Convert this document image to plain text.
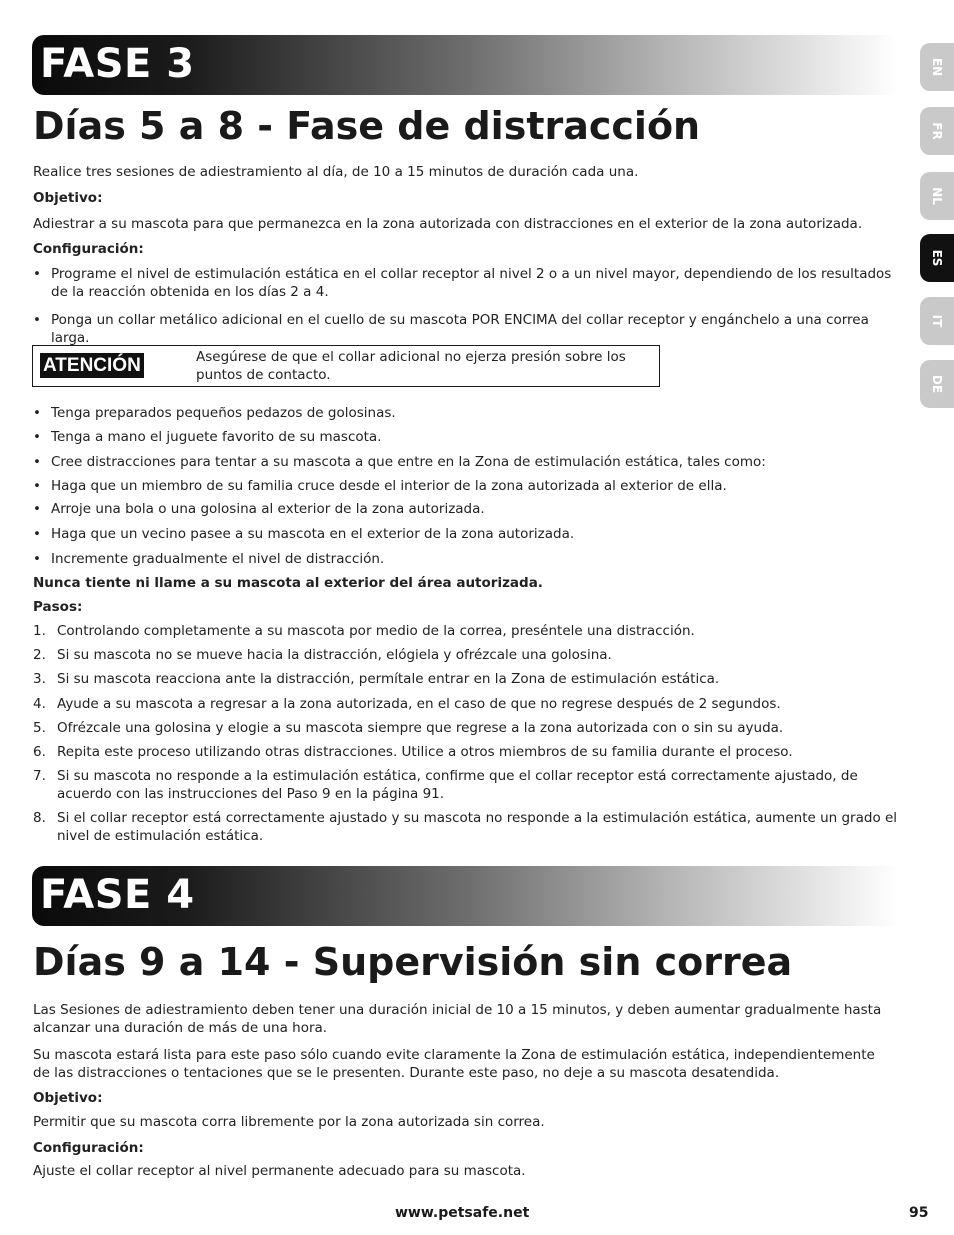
EN
FR
NL
ES
IT
DE
FASE 3
Días 5 a 8 - Fase de distracción

Realice tres sesiones de adiestramiento al día, de 10 a 15 minutos de duración cada una.

Objetivo:

Adiestrar a su mascota para que permanezca en la zona autorizada con distracciones en el exterior de la zona autorizada.

Configuración:

• Programe el nivel de estimulación estática en el collar receptor al nivel 2 o a un nivel mayor, dependiendo de los resultados de la reacción obtenida en los días 2 a 4.
• Ponga un collar metálico adicional en el cuello de su mascota POR ENCIMA del collar receptor y engánchelo a una correa larga.
ATENCIÓN	Asegúrese de que el collar adicional no ejerza presión sobre los puntos de contacto.
• Tenga preparados pequeños pedazos de golosinas.
• Tenga a mano el juguete favorito de su mascota.
• Cree distracciones para tentar a su mascota a que entre en la Zona de estimulación estática, tales como:
• Haga que un miembro de su familia cruce desde el interior de la zona autorizada al exterior de ella.
• Arroje una bola o una golosina al exterior de la zona autorizada.
• Haga que un vecino pasee a su mascota en el exterior de la zona autorizada.
• Incremente gradualmente el nivel de distracción.

Nunca tiente ni llame a su mascota al exterior del área autorizada.

Pasos:

1. Controlando completamente a su mascota por medio de la correa, preséntele una distracción.
2. Si su mascota no se mueve hacia la distracción, elógiela y ofrézcale una golosina.
3. Si su mascota reacciona ante la distracción, permítale entrar en la Zona de estimulación estática.
4. Ayude a su mascota a regresar a la zona autorizada, en el caso de que no regrese después de 2 segundos.
5. Ofrézcale una golosina y elogie a su mascota siempre que regrese a la zona autorizada con o sin su ayuda.
6. Repita este proceso utilizando otras distracciones. Utilice a otros miembros de su familia durante el proceso.
7. Si su mascota no responde a la estimulación estática, confirme que el collar receptor está correctamente ajustado, de acuerdo con las instrucciones del Paso 9 en la página 91.
8. Si el collar receptor está correctamente ajustado y su mascota no responde a la estimulación estática, aumente un grado el nivel de estimulación estática.
FASE 4
Días 9 a 14 - Supervisión sin correa

Las Sesiones de adiestramiento deben tener una duración inicial de 10 a 15 minutos, y deben aumentar gradualmente hasta alcanzar una duración de más de una hora.

Su mascota estará lista para este paso sólo cuando evite claramente la Zona de estimulación estática, independientemente de las distracciones o tentaciones que se le presenten. Durante este paso, no deje a su mascota desatendida.

Objetivo:

Permitir que su mascota corra libremente por la zona autorizada sin correa.

Configuración:

Ajuste el collar receptor al nivel permanente adecuado para su mascota.

www.petsafe.net	95
